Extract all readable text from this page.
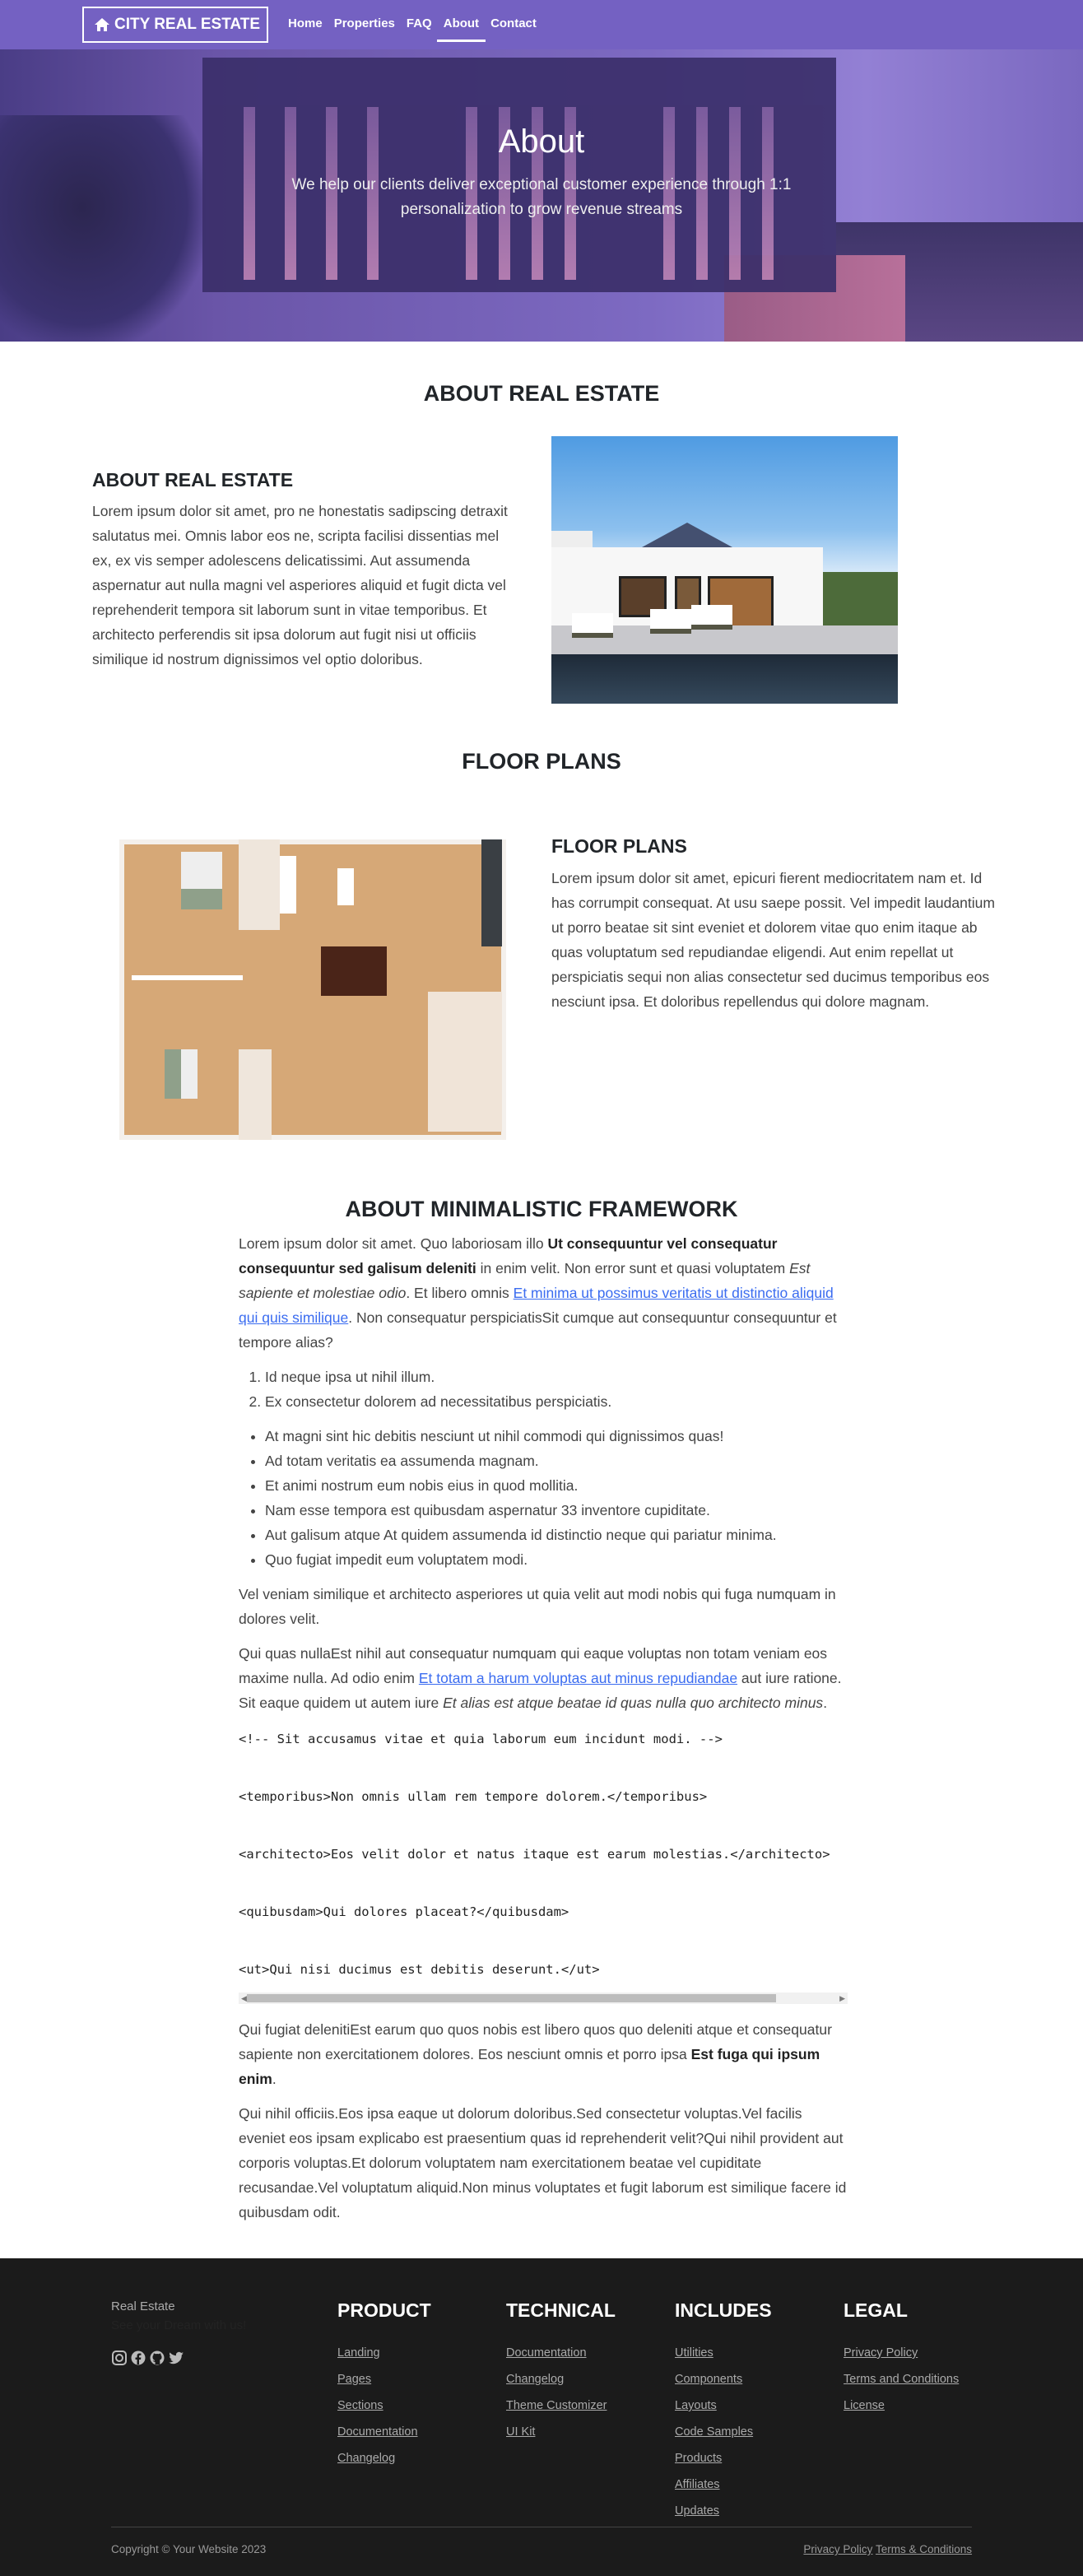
CITY REAL ESTATE Home Properties FAQ About Contact
About

We help our clients deliver exceptional customer experience through 1:1 personalization to grow revenue streams

ABOUT REAL ESTATE
ABOUT REAL ESTATE

Lorem ipsum dolor sit amet, pro ne honestatis sadipscing detraxit salutatus mei. Omnis labor eos ne, scripta facilisi dissentias mel ex, ex vis semper adolescens delicatissimi. Aut assumenda aspernatur aut nulla magni vel asperiores aliquid et fugit dicta vel reprehenderit tempora sit laborum sunt in vitae temporibus. Et architecto perferendis sit ipsa dolorum aut fugit nisi ut officiis similique id nostrum dignissimos vel optio doloribus.

FLOOR PLANS
FLOOR PLANS

Lorem ipsum dolor sit amet, epicuri fierent mediocritatem nam et. Id has corrumpit consequat. At usu saepe possit. Vel impedit laudantium ut porro beatae sit sint eveniet et dolorem vitae quo enim itaque ab quas voluptatum sed repudiandae eligendi. Aut enim repellat ut perspiciatis sequi non alias consectetur sed ducimus temporibus eos nesciunt ipsa. Et doloribus repellendus qui dolore magnam.

ABOUT MINIMALISTIC FRAMEWORK

Lorem ipsum dolor sit amet. Quo laboriosam illo Ut consequuntur vel consequatur consequuntur sed galisum deleniti in enim velit. Non error sunt et quasi voluptatem Est sapiente et molestiae odio. Et libero omnis Et minima ut possimus veritatis ut distinctio aliquid qui quis similique. Non consequatur perspiciatisSit cumque aut consequuntur consequuntur et tempore alias?

1. Id neque ipsa ut nihil illum.
2. Ex consectetur dolorem ad necessitatibus perspiciatis.
• At magni sint hic debitis nesciunt ut nihil commodi qui dignissimos quas!
• Ad totam veritatis ea assumenda magnam.
• Et animi nostrum eum nobis eius in quod mollitia.
• Nam esse tempora est quibusdam aspernatur 33 inventore cupiditate.
• Aut galisum atque At quidem assumenda id distinctio neque qui pariatur minima.
• Quo fugiat impedit eum voluptatem modi.

Vel veniam similique et architecto asperiores ut quia velit aut modi nobis qui fuga numquam in dolores velit.

Qui quas nullaEst nihil aut consequatur numquam qui eaque voluptas non totam veniam eos maxime nulla. Ad odio enim Et totam a harum voluptas aut minus repudiandae aut iure ratione. Sit eaque quidem ut autem iure Et alias est atque beatae id quas nulla quo architecto minus.

<!-- Sit accusamus vitae et quia laborum eum incidunt modi. -->

<temporibus>Non omnis ullam rem tempore dolorem.</temporibus>

<architecto>Eos velit dolor et natus itaque est earum molestias.</architecto>

<quibusdam>Qui dolores placeat?</quibusdam>

<ut>Qui nisi ducimus est debitis deserunt.</ut>
◀	▶

Qui fugiat delenitiEst earum quo quos nobis est libero quos quo deleniti atque et consequatur sapiente non exercitationem dolores. Eos nesciunt omnis et porro ipsa Est fuga qui ipsum enim.

Qui nihil officiis.Eos ipsa eaque ut dolorum doloribus.Sed consectetur voluptas.Vel facilis eveniet eos ipsam explicabo est praesentium quas id reprehenderit velit?Qui nihil provident aut corporis voluptas.Et dolorum voluptatem nam exercitationem beatae vel cupiditate recusandae.Vel voluptatum aliquid.Non minus voluptates et fugit laborum est similique facere id quibusdam odit.

Real Estate
See your Dream with us!
PRODUCT
Landing
Pages
Sections
Documentation
Changelog
TECHNICAL
Documentation
Changelog
Theme Customizer
UI Kit
INCLUDES
Utilities
Components
Layouts
Code Samples
Products
Affiliates
Updates
LEGAL
Privacy Policy
Terms and Conditions
License
Copyright © Your Website 2023	Privacy Policy Terms & Conditions
